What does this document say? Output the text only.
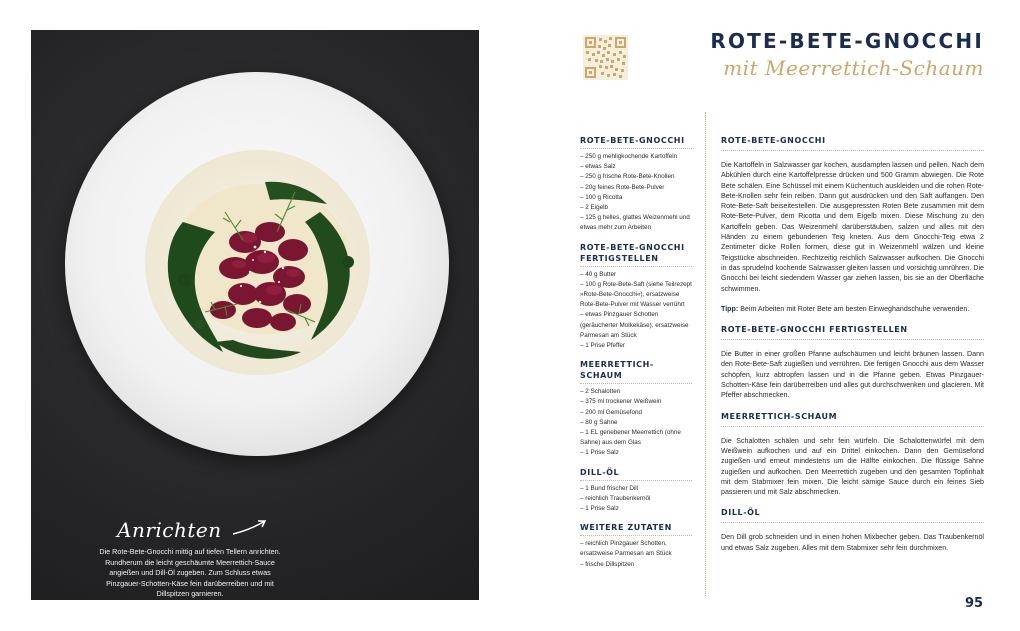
Anrichten
Die Rote-Bete-Gnocchi mittig auf tiefen Tellern anrichten. Rundherum die leicht geschäumte Meerrettich-Sauce angießen und Dill-Öl zugeben. Zum Schluss etwas Pinzgauer-Schotten-Käse fein darüberreiben und mit Dillspitzen garnieren.
ROTE-BETE-GNOCCHI
mit Meerrettich-Schaum
ROTE-BETE-GNOCCHI
– 250 g mehligkochende Kartoffeln
– etwas Salz
– 250 g frische Rote-Bete-Knollen
– 20g feines Rote-Bete-Pulver
– 100 g Ricotta
– 2 Eigelb
– 125 g helles, glattes Weizenmehl und etwas mehr zum Arbeiten
ROTE-BETE-GNOCCHI FERTIGSTELLEN
– 40 g Butter
– 100 g Rote-Bete-Saft (siehe Teilrezept »Rote-Bete-Gnocchi«), ersatzweise Rote-Bete-Pulver mit Wasser verrührt
– etwas Pinzgauer Schotten (geräucherter Molkekäse), ersatzweise Parmesan am Stück
– 1 Prise Pfeffer
MEERRETTICH-SCHAUM
– 2 Schalotten
– 375 ml trockener Weißwein
– 200 ml Gemüsefond
– 80 g Sahne
– 1 EL geriebener Meerrettich (ohne Sahne) aus dem Glas
– 1 Prise Salz
DILL-ÖL
– 1 Bund frischer Dill
– reichlich Traubenkernöl
– 1 Prise Salz
WEITERE ZUTATEN
– reichlich Pinzgauer Schotten, ersatzweise Parmesan am Stück
– frische Dillspitzen
ROTE-BETE-GNOCCHI

Die Kartoffeln in Salzwasser gar kochen, ausdampfen lassen und pellen. Nach dem Abkühlen durch eine Kartoffelpresse drücken und 500 Gramm abwiegen. Die Rote Bete schälen. Eine Schüssel mit einem Küchentuch auskleiden und die rohen Rote-Bete-Knollen sehr fein reiben. Dann gut ausdrücken und den Saft auffangen. Den Rote-Bete-Saft beiseitestellen. Die ausgepressten Roten Bete zusammen mit dem Rote-Bete-Pulver, dem Ricotta und dem Eigelb mixen. Diese Mischung zu den Kartoffeln geben. Das Weizenmehl darüberstäuben, salzen und alles mit den Händen zu einem gebundenen Teig kneten. Aus dem Gnocchi-Teig etwa 2 Zentimeter dicke Rollen formen, diese gut in Weizenmehl wälzen und kleine Teigstücke abschneiden. Rechtzeitig reichlich Salzwasser aufkochen. Die Gnocchi in das sprudelnd kochende Salzwasser gleiten lassen und vorsichtig umrühren. Die Gnocchi bei leicht siedendem Wasser gar ziehen lassen, bis sie an der Oberfläche schwimmen.

Tipp: Beim Arbeiten mit Roter Bete am besten Einweghandschuhe verwenden.

ROTE-BETE-GNOCCHI FERTIGSTELLEN

Die Butter in einer großen Pfanne aufschäumen und leicht bräunen lassen. Dann den Rote-Bete-Saft zugießen und verrühren. Die fertigen Gnocchi aus dem Wasser schöpfen, kurz abtropfen lassen und in die Pfanne geben. Etwas Pinzgauer-Schotten-Käse fein darüberreiben und alles gut durchschwenken und glacieren. Mit Pfeffer abschmecken.

MEERRETTICH-SCHAUM

Die Schalotten schälen und sehr fein würfeln. Die Schalottenwürfel mit dem Weißwein aufkochen und auf ein Drittel einkochen. Dann den Gemüsefond zugießen und erneut mindestens um die Hälfte einkochen. Die flüssige Sahne zugießen und aufkochen. Den Meerrettich zugeben und den gesamten Topfinhalt mit dem Stabmixer fein mixen. Die leicht sämige Sauce durch ein feines Sieb passieren und mit Salz abschmecken.

DILL-ÖL

Den Dill grob schneiden und in einen hohen Mixbecher geben. Das Traubenkernöl und etwas Salz zugeben. Alles mit dem Stabmixer sehr fein durchmixen.

95
